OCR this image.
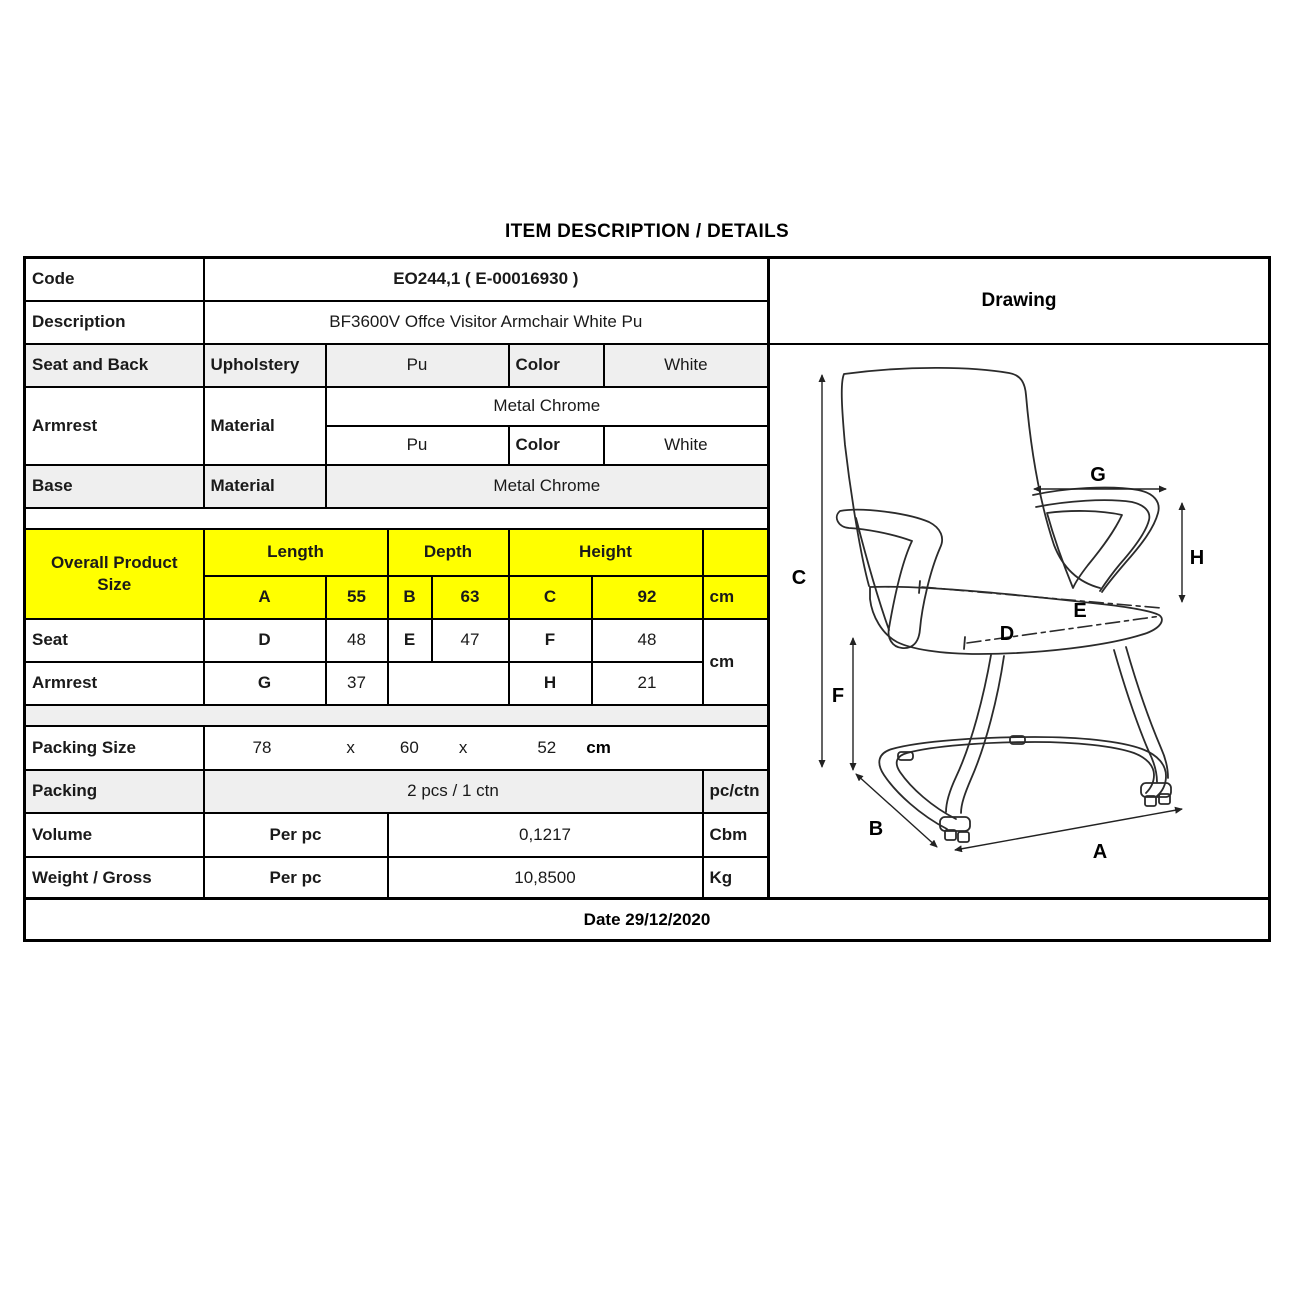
ITEM DESCRIPTION / DETAILS
Code	EO244,1 ( E-00016930 )							
Description	BF3600V Offce Visitor Armchair White Pu							
Seat and Back	Upholstery	Pu			Color		White	
Armrest	Material	Metal Chrome						
		Pu			Color		White	
Base	Material	Metal Chrome						

Overall Product Size	Length		Depth		Height			
	A	55	B	63	C	92		cm
Seat	D	48	E	47	F	48		cm
Armrest	G	37			H	21		

Packing Size	78	x	60 x	52 cm

Packing	2 pcs / 1 ctn							pc/ctn
Volume	Per pc		0,1217					Cbm
Weight / Gross	Per pc		10,8500					Kg
Drawing
C
F
G
H
E
D
B
A
Date 29/12/2020
